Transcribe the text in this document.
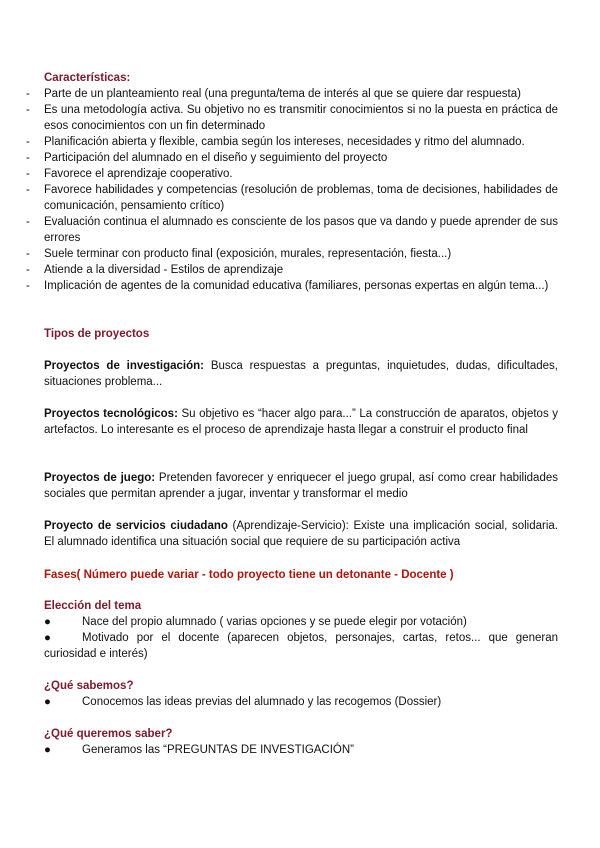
Características:
- Parte de un planteamiento real (una pregunta/tema de interés al que se quiere dar respuesta)
- Es una metodología activa. Su objetivo no es transmitir conocimientos si no la puesta en práctica de esos conocimientos con un fin determinado
- Planificación abierta y flexible, cambia según los intereses, necesidades y ritmo del alumnado.
- Participación del alumnado en el diseño y seguimiento del proyecto
- Favorece el aprendizaje cooperativo.
- Favorece habilidades y competencias (resolución de problemas, toma de decisiones, habilidades de comunicación, pensamiento crítico)
- Evaluación continua el alumnado es consciente de los pasos que va dando y puede aprender de sus errores
- Suele terminar con producto final (exposición, murales, representación, fiesta...)
- Atiende a la diversidad - Estilos de aprendizaje
- Implicación de agentes de la comunidad educativa (familiares, personas expertas en algún tema...)
Tipos de proyectos
Proyectos de investigación: Busca respuestas a preguntas, inquietudes, dudas, dificultades, situaciones problema...
Proyectos tecnológicos: Su objetivo es “hacer algo para...” La construcción de aparatos, objetos y artefactos. Lo interesante es el proceso de aprendizaje hasta llegar a construir el producto final
Proyectos de juego: Pretenden favorecer y enriquecer el juego grupal, así como crear habilidades sociales que permitan aprender a jugar, inventar y transformar el medio
Proyecto de servicios ciudadano (Aprendizaje-Servicio): Existe una implicación social, solidaria. El alumnado identifica una situación social que requiere de su participación activa
Fases( Número puede variar - todo proyecto tiene un detonante - Docente )
Elección del tema
●	Nace del propio alumnado ( varias opciones y se puede elegir por votación)
●	Motivado por el docente (aparecen objetos, personajes, cartas, retos... que generan curiosidad e interés)
¿Qué sabemos?
●	Conocemos las ideas previas del alumnado y las recogemos (Dossier)
¿Qué queremos saber?
●	Generamos las “PREGUNTAS DE INVESTIGACIÓN”
